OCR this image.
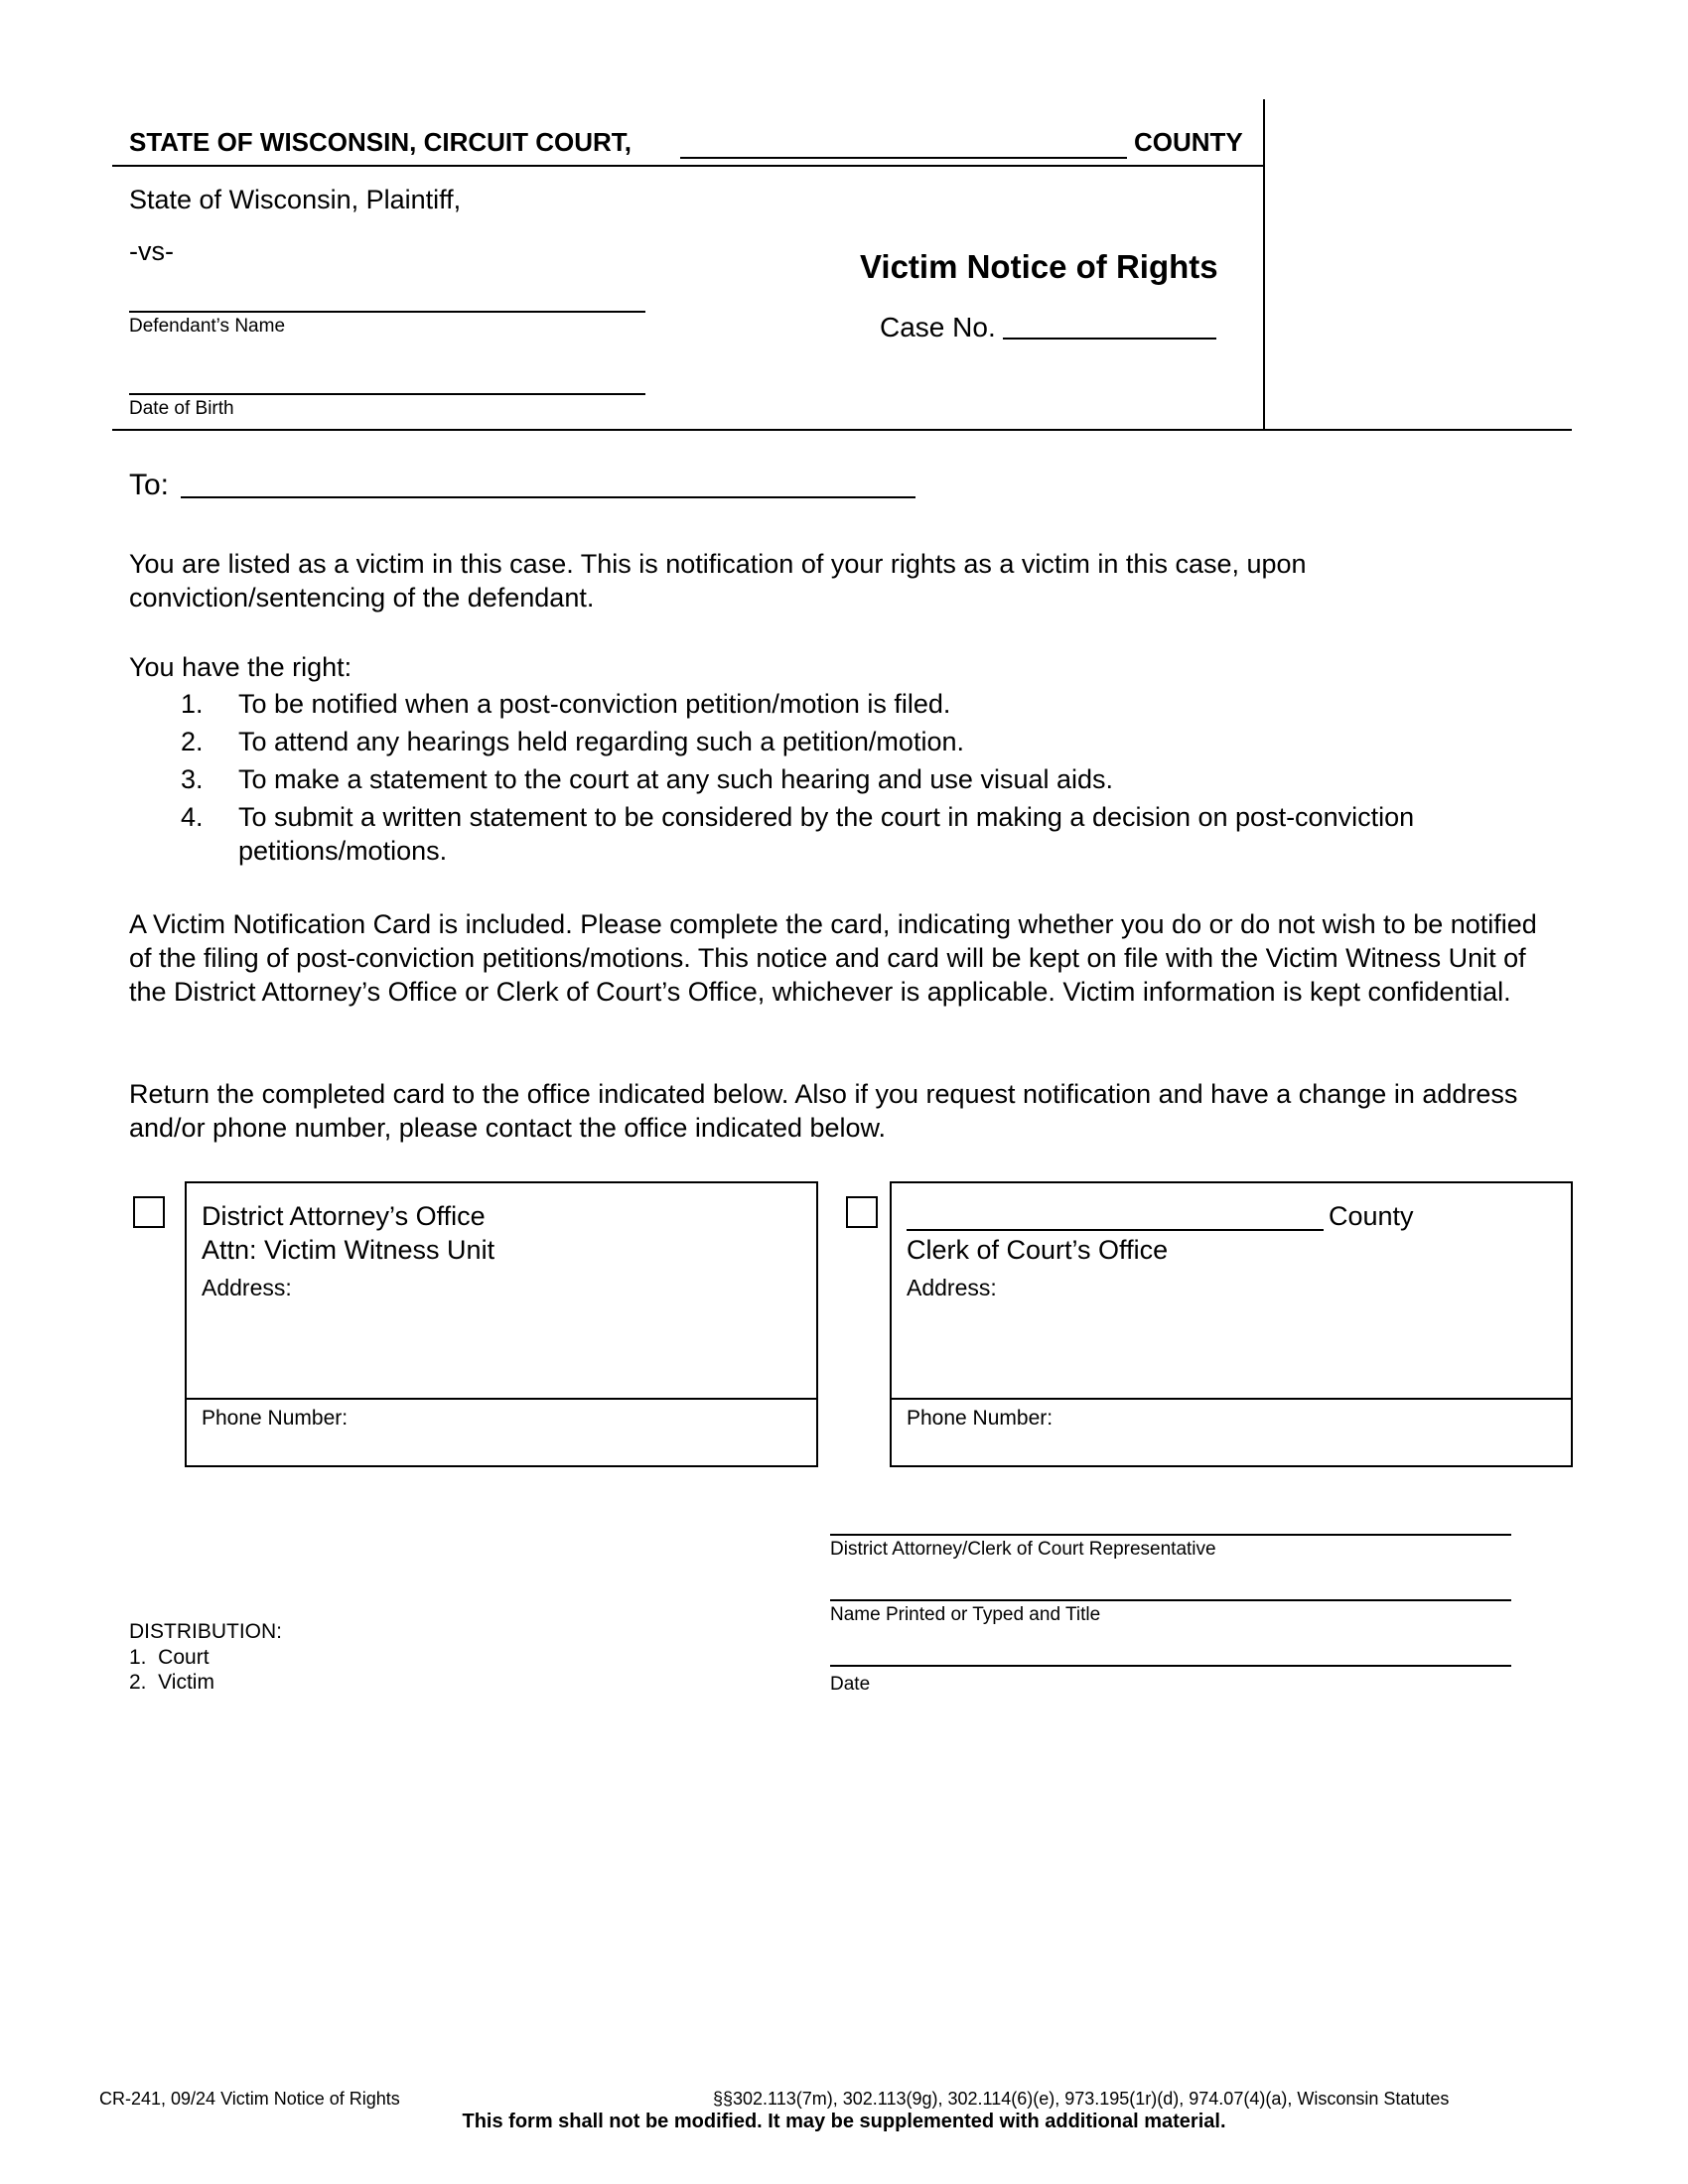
STATE OF WISCONSIN, CIRCUIT COURT,	COUNTY
State of Wisconsin, Plaintiff,
-vs-
Defendant’s Name
Date of Birth
Victim Notice of Rights
Case No.
To:
You are listed as a victim in this case. This is notification of your rights as a victim in this case, upon conviction/sentencing of the defendant.
You have the right:
1. To be notified when a post-conviction petition/motion is filed.
2. To attend any hearings held regarding such a petition/motion.
3. To make a statement to the court at any such hearing and use visual aids.
4. To submit a written statement to be considered by the court in making a decision on post-conviction petitions/motions.
A Victim Notification Card is included. Please complete the card, indicating whether you do or do not wish to be notified of the filing of post-conviction petitions/motions. This notice and card will be kept on file with the Victim Witness Unit of the District Attorney’s Office or Clerk of Court’s Office, whichever is applicable. Victim information is kept confidential.
Return the completed card to the office indicated below. Also if you request notification and have a change in address and/or phone number, please contact the office indicated below.
District Attorney’s Office
Attn: Victim Witness Unit
Address:
Phone Number:
County
Clerk of Court’s Office
Address:
Phone Number:
District Attorney/Clerk of Court Representative
Name Printed or Typed and Title
Date
DISTRIBUTION:
1.  Court
2.  Victim
CR-241, 09/24 Victim Notice of Rights	§§302.113(7m), 302.113(9g), 302.114(6)(e), 973.195(1r)(d), 974.07(4)(a), Wisconsin Statutes
This form shall not be modified. It may be supplemented with additional material.
